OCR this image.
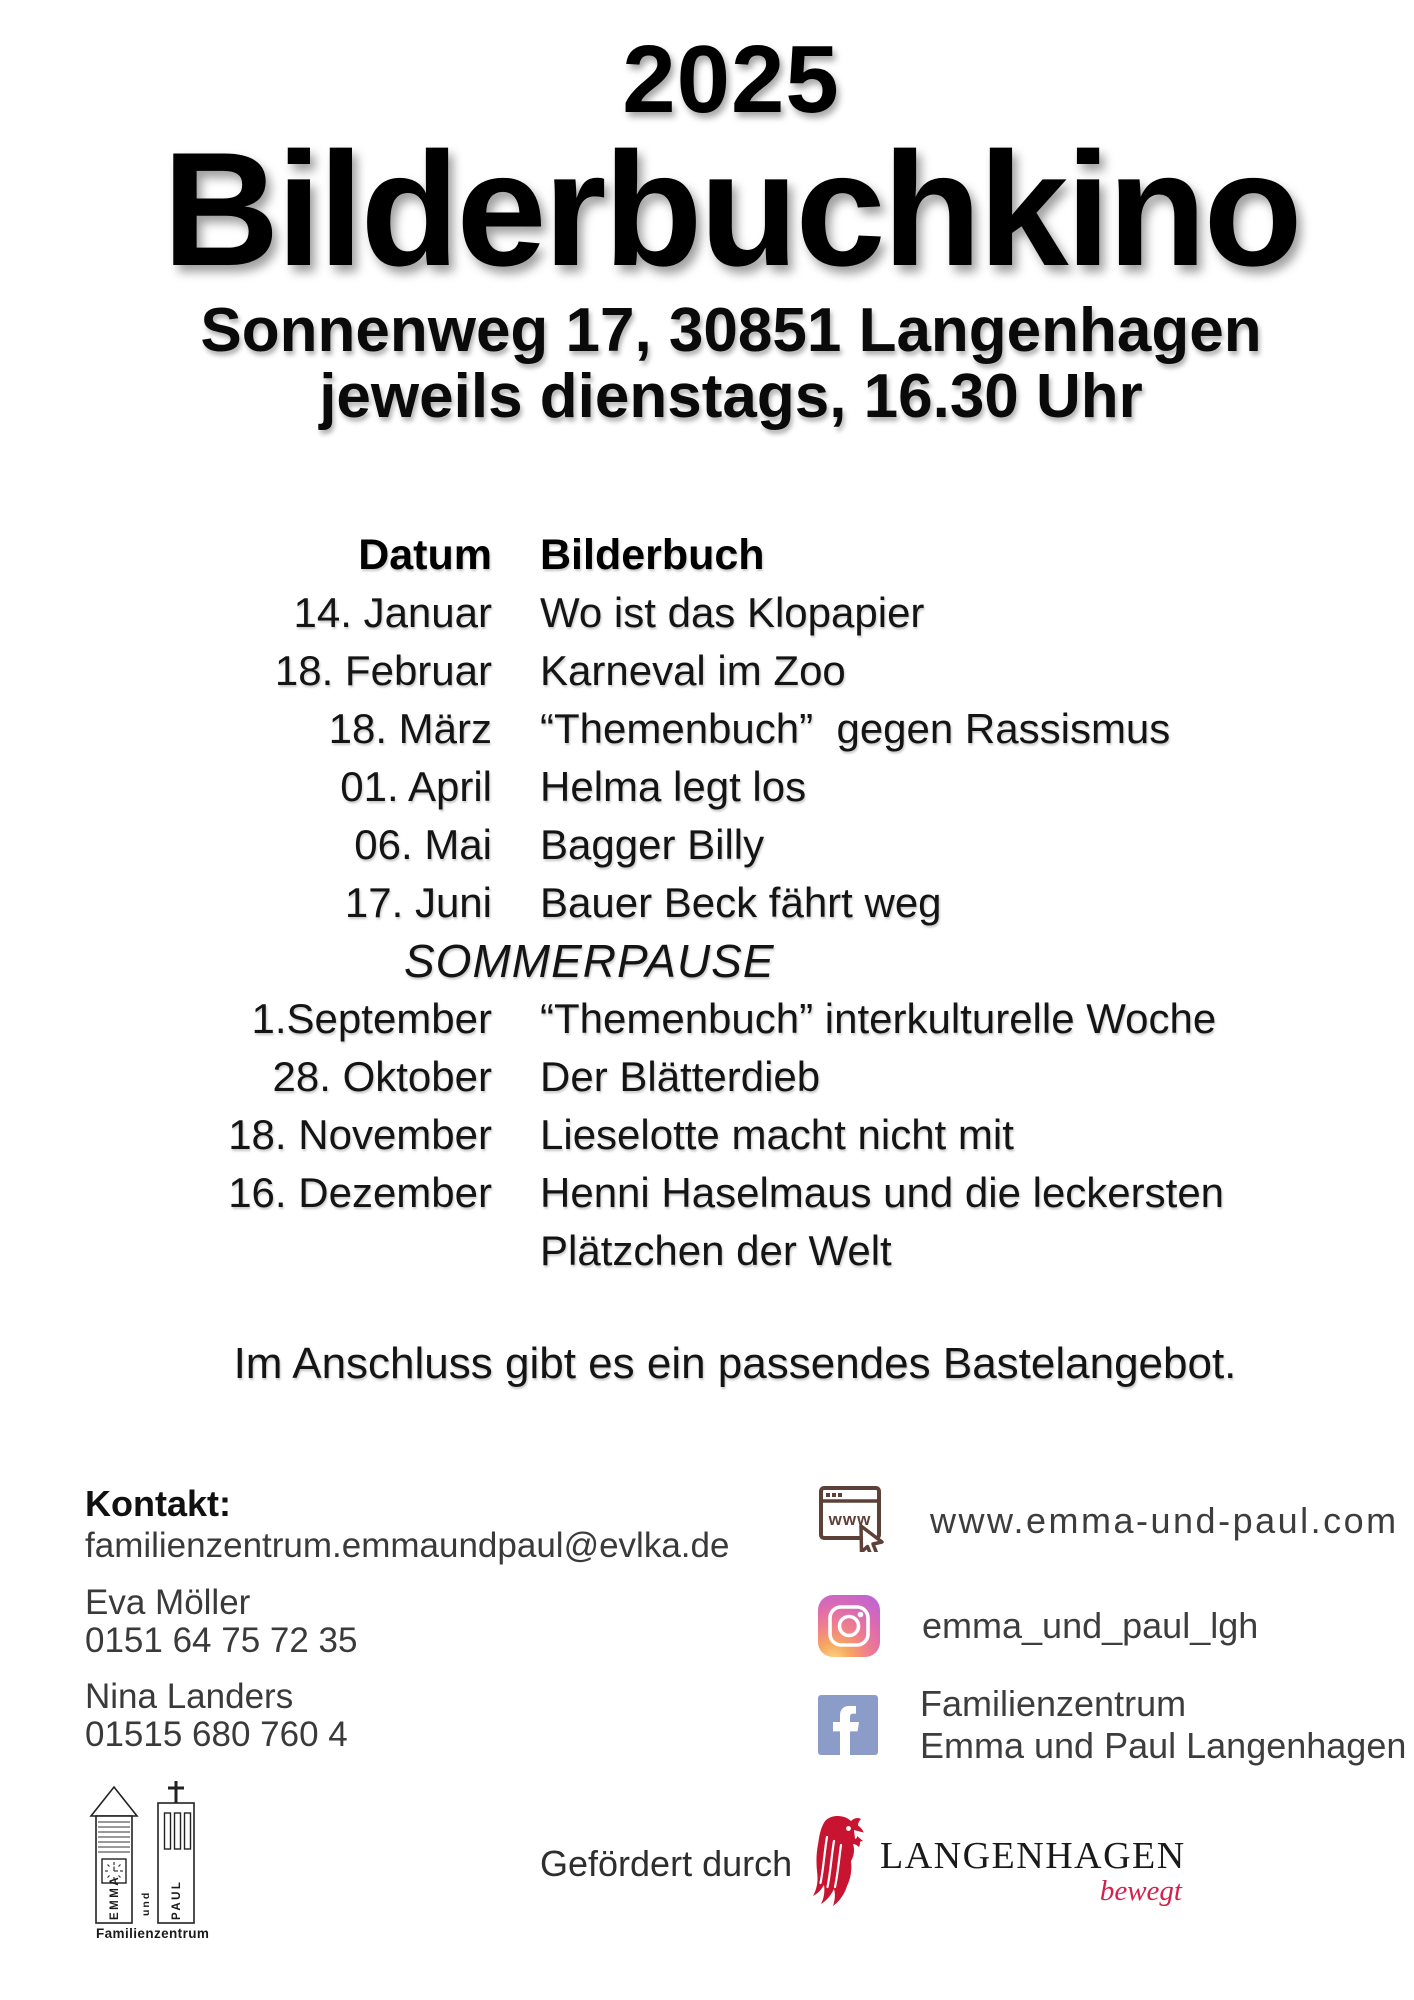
2025
Bilderbuchkino
Sonnenweg 17, 30851 Langenhagen
jeweils dienstags, 16.30 Uhr
Datum Bilderbuch
14. Januar Wo ist das Klopapier
18. Februar Karneval im Zoo
18. März “Themenbuch”  gegen Rassismus
01. April Helma legt los
06. Mai Bagger Billy
17. Juni Bauer Beck fährt weg
SOMMERPAUSE
1.September “Themenbuch” interkulturelle Woche
28. Oktober Der Blätterdieb
18. November Lieselotte macht nicht mit
16. Dezember Henni Haselmaus und die leckersten Plätzchen der Welt
Im Anschluss gibt es ein passendes Bastelangebot.
Kontakt:
familienzentrum.emmaundpaul@evlka.de
Eva Möller
0151 64 75 72 35
Nina Landers
01515 680 760 4
www www.emma-und-paul.com
emma_und_paul_lgh
Familienzentrum
Emma und Paul Langenhagen
EMMA und PAUL
Familienzentrum
Gefördert durch LANGENHAGEN
bewegt
